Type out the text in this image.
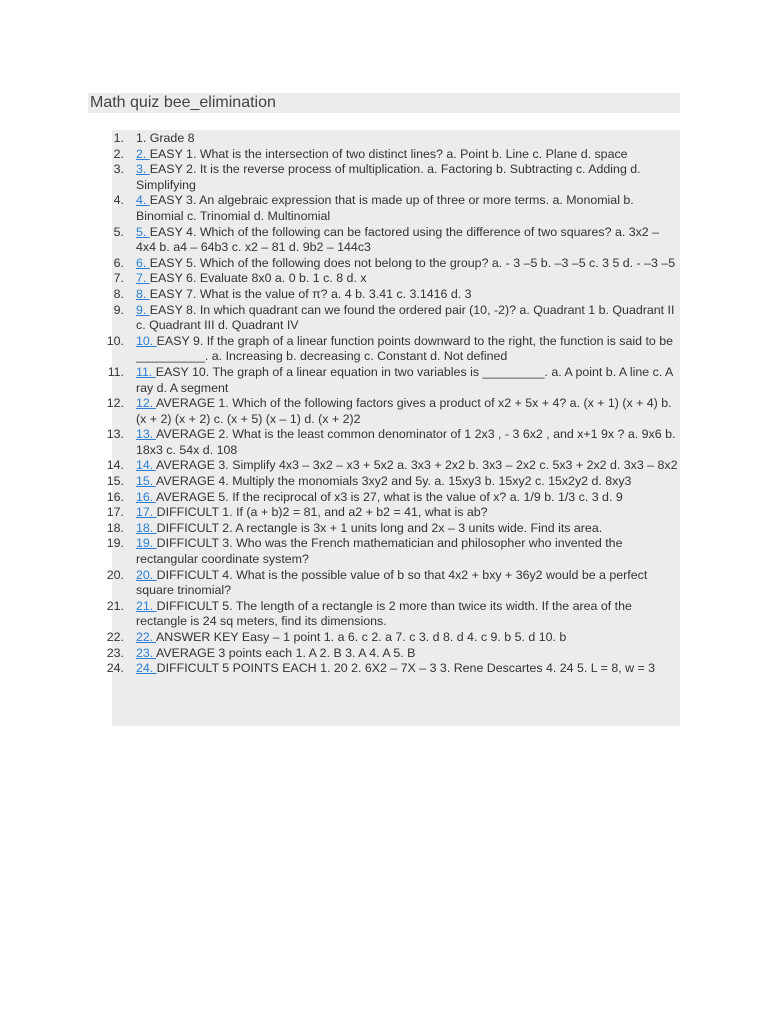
Math quiz bee_elimination
1. 1. Grade 8
2. 2. EASY 1. What is the intersection of two distinct lines? a. Point b. Line c. Plane d. space
3. 3. EASY 2. It is the reverse process of multiplication. a. Factoring b. Subtracting c. Adding d. Simplifying
4. 4. EASY 3. An algebraic expression that is made up of three or more terms. a. Monomial b. Binomial c. Trinomial d. Multinomial
5. 5. EASY 4. Which of the following can be factored using the difference of two squares? a. 3x2 – 4x4 b. a4 – 64b3 c. x2 – 81 d. 9b2 – 144c3
6. 6. EASY 5. Which of the following does not belong to the group? a. - 3 –5 b. –3 –5 c. 3 5 d. - –3 –5
7. 7. EASY 6. Evaluate 8x0 a. 0 b. 1 c. 8 d. x
8. 8. EASY 7. What is the value of π? a. 4 b. 3.41 c. 3.1416 d. 3
9. 9. EASY 8. In which quadrant can we found the ordered pair (10, -2)? a. Quadrant 1 b. Quadrant II c. Quadrant III d. Quadrant IV
10. 10. EASY 9. If the graph of a linear function points downward to the right, the function is said to be __________. a. Increasing b. decreasing c. Constant d. Not defined
11. 11. EASY 10. The graph of a linear equation in two variables is _________. a. A point b. A line c. A ray d. A segment
12. 12. AVERAGE 1. Which of the following factors gives a product of x2 + 5x + 4? a. (x + 1) (x + 4) b. (x + 2) (x + 2) c. (x + 5) (x – 1) d. (x + 2)2
13. 13. AVERAGE 2. What is the least common denominator of 1 2x3 , - 3 6x2 , and x+1 9x ? a. 9x6 b. 18x3 c. 54x d. 108
14. 14. AVERAGE 3. Simplify 4x3 – 3x2 – x3 + 5x2 a. 3x3 + 2x2 b. 3x3 – 2x2 c. 5x3 + 2x2 d. 3x3 – 8x2
15. 15. AVERAGE 4. Multiply the monomials 3xy2 and 5y. a. 15xy3 b. 15xy2 c. 15x2y2 d. 8xy3
16. 16. AVERAGE 5. If the reciprocal of x3 is 27, what is the value of x? a. 1/9 b. 1/3 c. 3 d. 9
17. 17. DIFFICULT 1. If (a + b)2 = 81, and a2 + b2 = 41, what is ab?
18. 18. DIFFICULT 2. A rectangle is 3x + 1 units long and 2x – 3 units wide. Find its area.
19. 19. DIFFICULT 3. Who was the French mathematician and philosopher who invented the rectangular coordinate system?
20. 20. DIFFICULT 4. What is the possible value of b so that 4x2 + bxy + 36y2 would be a perfect square trinomial?
21. 21. DIFFICULT 5. The length of a rectangle is 2 more than twice its width. If the area of the rectangle is 24 sq meters, find its dimensions.
22. 22. ANSWER KEY Easy – 1 point 1. a 6. c 2. a 7. c 3. d 8. d 4. c 9. b 5. d 10. b
23. 23. AVERAGE 3 points each 1. A 2. B 3. A 4. A 5. B
24. 24. DIFFICULT 5 POINTS EACH 1. 20 2. 6X2 – 7X – 3 3. Rene Descartes 4. 24 5. L = 8, w = 3
